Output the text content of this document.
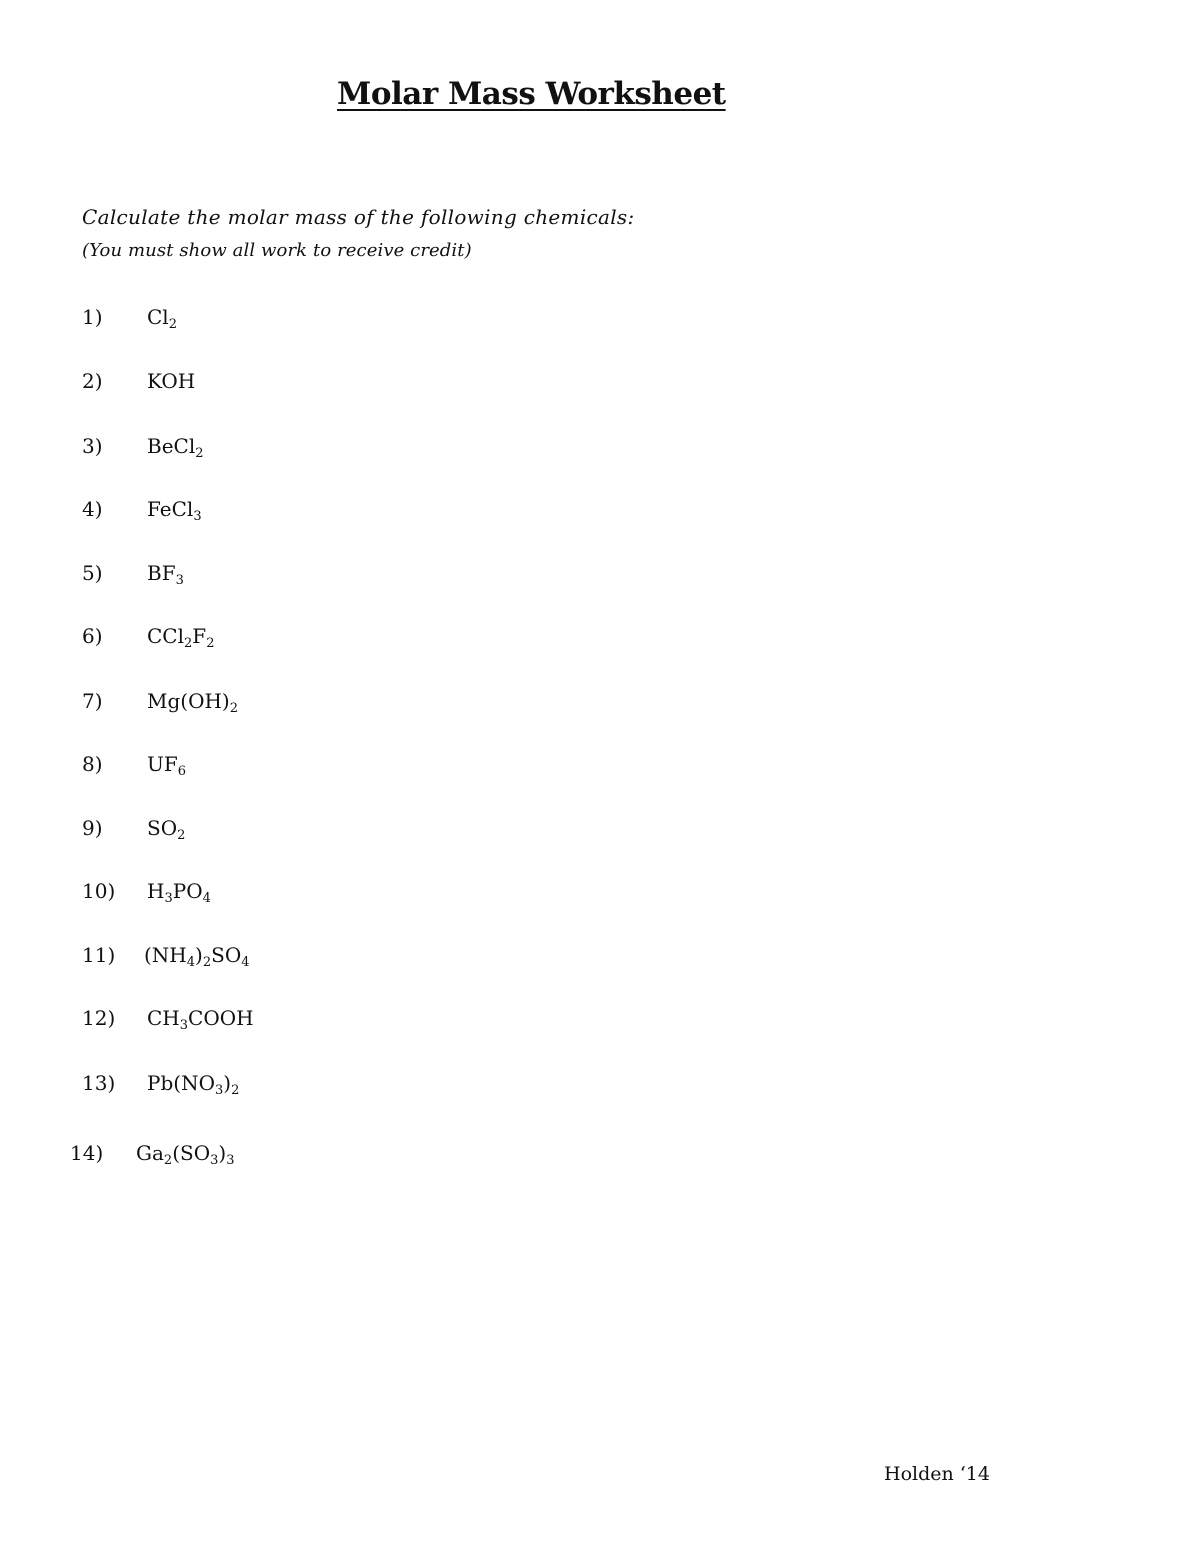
Molar Mass Worksheet
Calculate the molar mass of the following chemicals:
(You must show all work to receive credit)
1) $Cl_2$
2) KOH
3) BeCl$_2$
4) FeCl$_3$
5) $BF_3$
6) $CCl_2F_2$
7) $Mg(OH)_2$
8) $UF_6$
9) $SO_2$
10) $H_3PO_4$
11) $(NH_4)_2SO_4$
12) $CH_3COOH$
13) $Pb(NO_3)_2$
14) $Ga_2(SO_3)_3$
Holden ‘14
